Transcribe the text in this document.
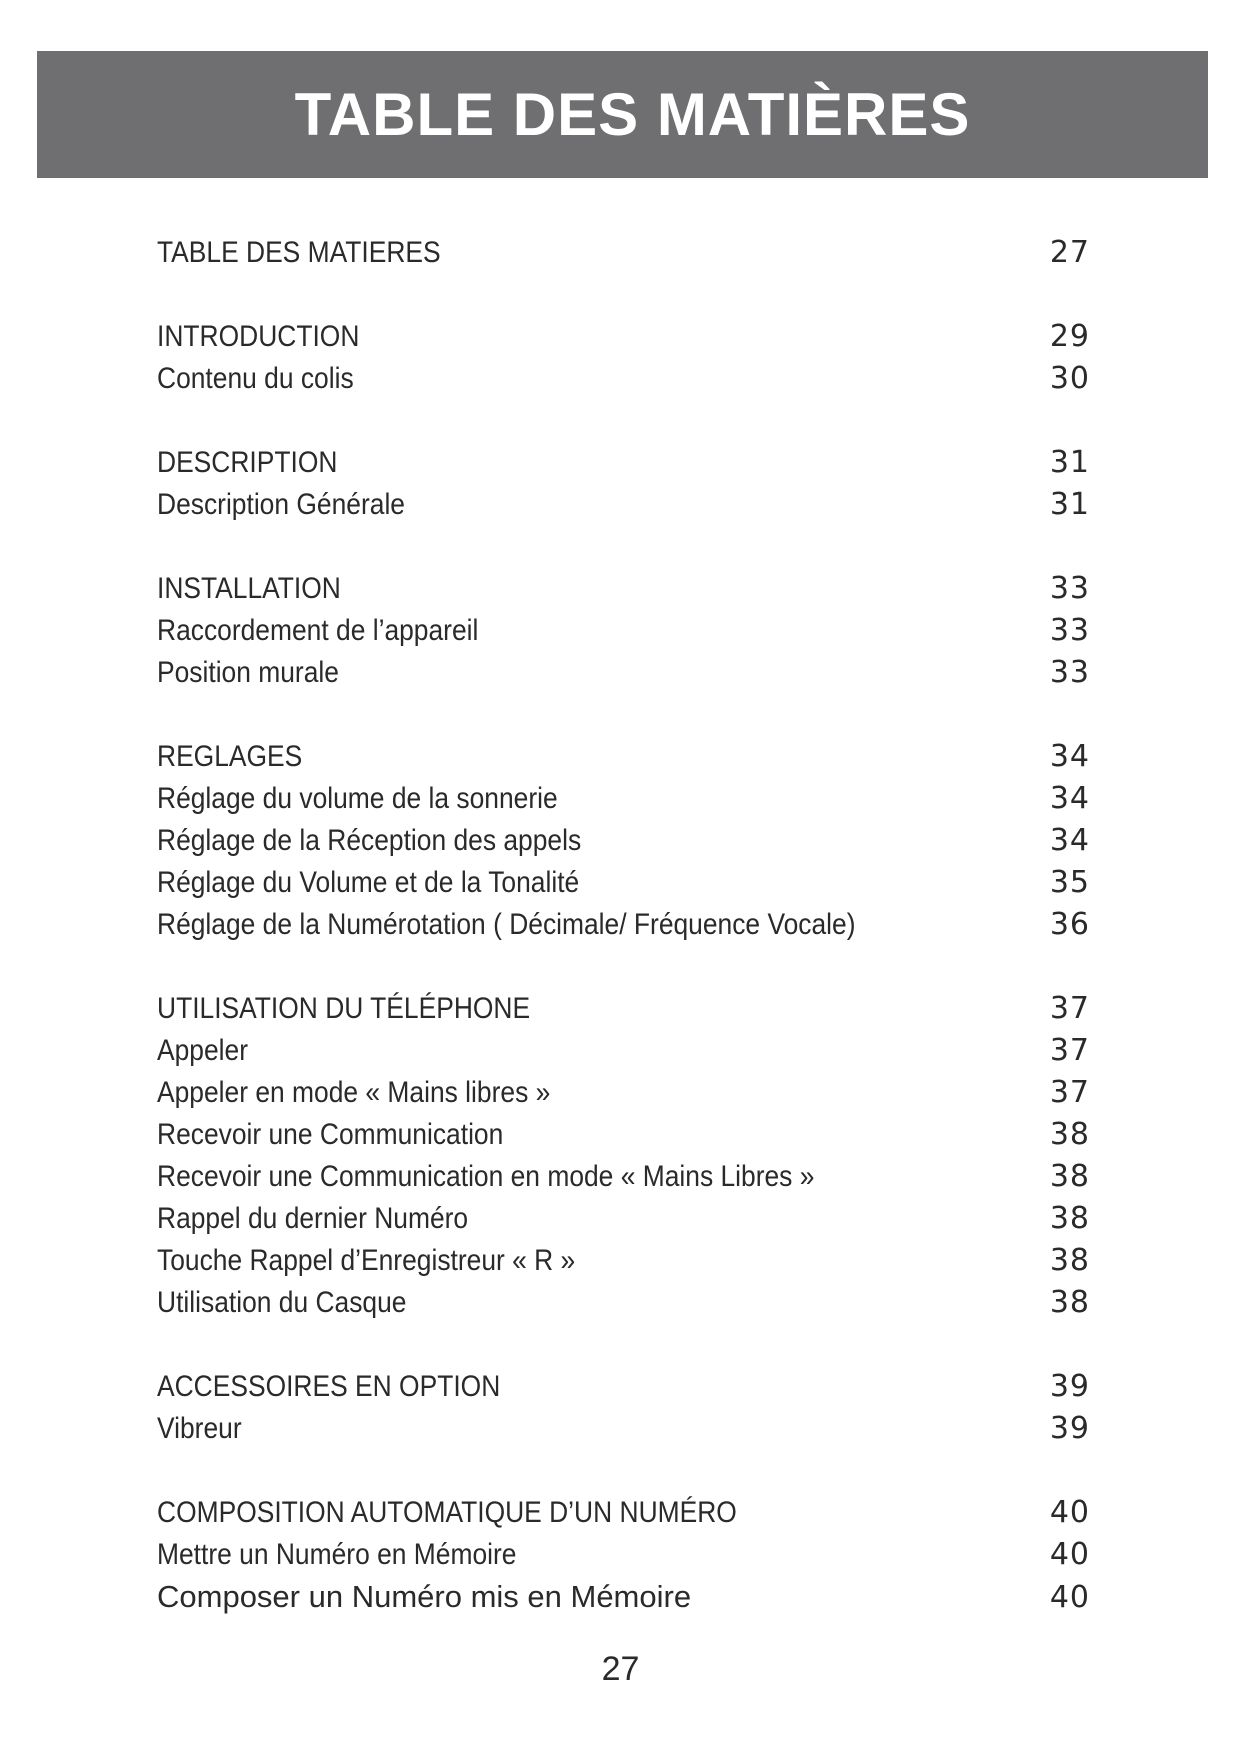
TABLE DES MATIÈRES
TABLE DES MATIERES	27
INTRODUCTION	29
Contenu du colis	30
DESCRIPTION	31
Description Générale	31
INSTALLATION	33
Raccordement de l’appareil	33
Position murale	33
REGLAGES	34
Réglage du volume de la sonnerie	34
Réglage de la Réception des appels	34
Réglage du Volume et de la Tonalité	35
Réglage de la Numérotation ( Décimale/ Fréquence Vocale)	36
UTILISATION DU TÉLÉPHONE	37
Appeler	37
Appeler en mode « Mains libres »	37
Recevoir une Communication	38
Recevoir une Communication en mode « Mains Libres »	38
Rappel du dernier Numéro	38
Touche Rappel d’Enregistreur « R »	38
Utilisation du Casque	38
ACCESSOIRES EN OPTION	39
Vibreur	39
COMPOSITION AUTOMATIQUE D’UN NUMÉRO	40
Mettre un Numéro en Mémoire	40
Composer un Numéro mis en Mémoire	40
27
